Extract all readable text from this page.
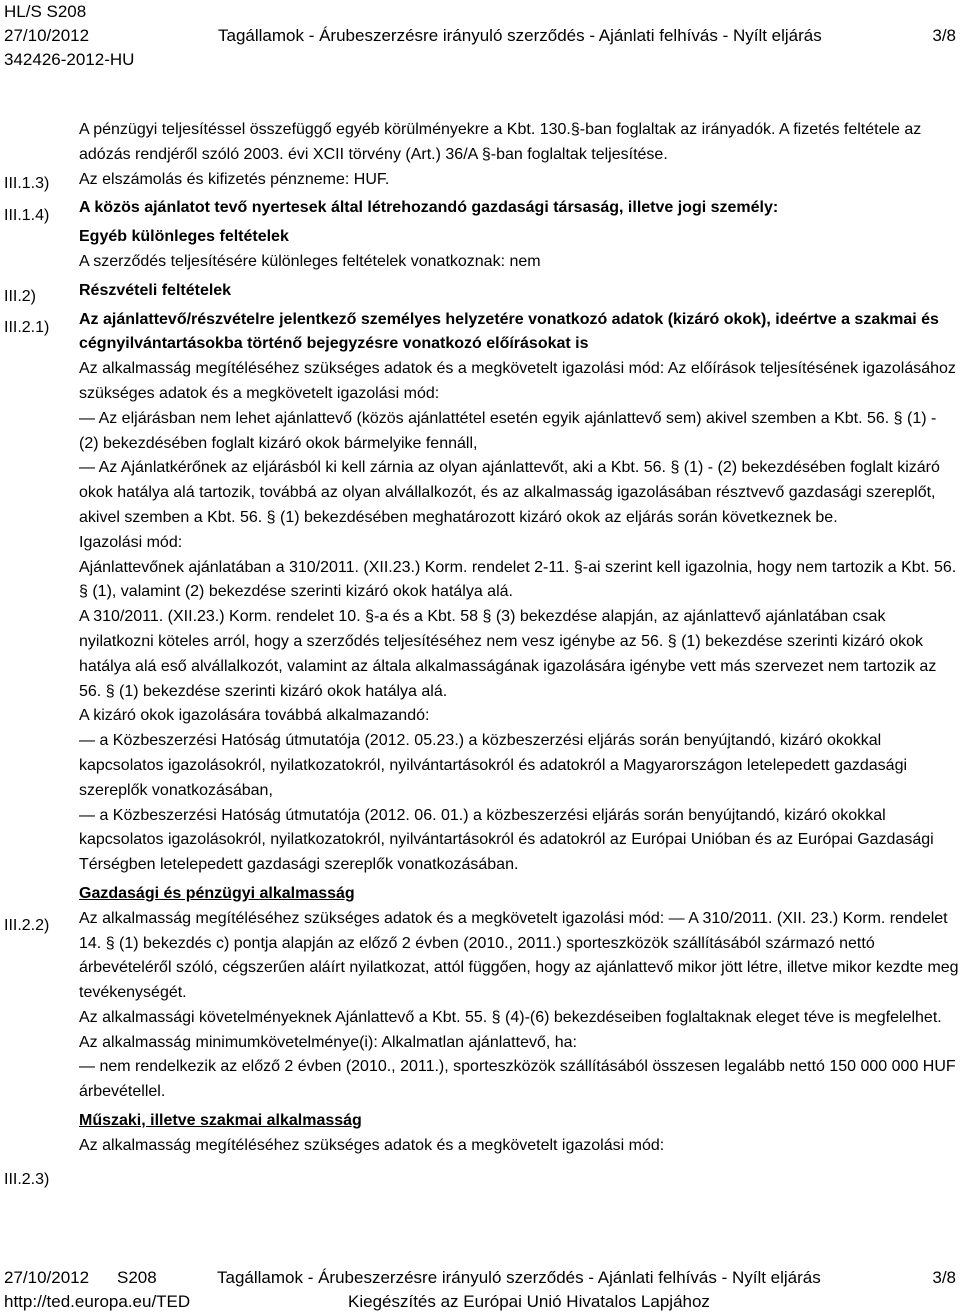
HL/S S208
27/10/2012	Tagállamok - Árubeszerzésre irányuló szerződés - Ajánlati felhívás - Nyílt eljárás	3/8
342426-2012-HU
III.1.3)
III.1.4)
III.2)
III.2.1)
III.2.2)
III.2.3)

A pénzügyi teljesítéssel összefüggő egyéb körülményekre a Kbt. 130.§-ban foglaltak az irányadók. A fizetés feltétele az adózás rendjéről szóló 2003. évi XCII törvény (Art.) 36/A §-ban foglaltak teljesítése.

Az elszámolás és kifizetés pénzneme: HUF.

A közös ajánlatot tevő nyertesek által létrehozandó gazdasági társaság, illetve jogi személy:

Egyéb különleges feltételek

A szerződés teljesítésére különleges feltételek vonatkoznak: nem

Részvételi feltételek

Az ajánlattevő/részvételre jelentkező személyes helyzetére vonatkozó adatok (kizáró okok), ideértve a szakmai és cégnyilvántartásokba történő bejegyzésre vonatkozó előírásokat is

Az alkalmasság megítéléséhez szükséges adatok és a megkövetelt igazolási mód: Az előírások teljesítésének igazolásához szükséges adatok és a megkövetelt igazolási mód:

— Az eljárásban nem lehet ajánlattevő (közös ajánlattétel esetén egyik ajánlattevő sem) akivel szemben a Kbt. 56. § (1) - (2) bekezdésében foglalt kizáró okok bármelyike fennáll,

— Az Ajánlatkérőnek az eljárásból ki kell zárnia az olyan ajánlattevőt, aki a Kbt. 56. § (1) - (2) bekezdésében foglalt kizáró okok hatálya alá tartozik, továbbá az olyan alvállalkozót, és az alkalmasság igazolásában résztvevő gazdasági szereplőt, akivel szemben a Kbt. 56. § (1) bekezdésében meghatározott kizáró okok az eljárás során következnek be.

Igazolási mód:

Ajánlattevőnek ajánlatában a 310/2011. (XII.23.) Korm. rendelet 2-11. §-ai szerint kell igazolnia, hogy nem tartozik a Kbt. 56. § (1), valamint (2) bekezdése szerinti kizáró okok hatálya alá.

A 310/2011. (XII.23.) Korm. rendelet 10. §-a és a Kbt. 58 § (3) bekezdése alapján, az ajánlattevő ajánlatában csak nyilatkozni köteles arról, hogy a szerződés teljesítéséhez nem vesz igénybe az 56. § (1) bekezdése szerinti kizáró okok hatálya alá eső alvállalkozót, valamint az általa alkalmasságának igazolására igénybe vett más szervezet nem tartozik az 56. § (1) bekezdése szerinti kizáró okok hatálya alá.

A kizáró okok igazolására továbbá alkalmazandó:

— a Közbeszerzési Hatóság útmutatója (2012. 05.23.) a közbeszerzési eljárás során benyújtandó, kizáró okokkal kapcsolatos igazolásokról, nyilatkozatokról, nyilvántartásokról és adatokról a Magyarországon letelepedett gazdasági szereplők vonatkozásában,

— a Közbeszerzési Hatóság útmutatója (2012. 06. 01.) a közbeszerzési eljárás során benyújtandó, kizáró okokkal kapcsolatos igazolásokról, nyilatkozatokról, nyilvántartásokról és adatokról az Európai Unióban és az Európai Gazdasági Térségben letelepedett gazdasági szereplők vonatkozásában.

Gazdasági és pénzügyi alkalmasság

Az alkalmasság megítéléséhez szükséges adatok és a megkövetelt igazolási mód: — A 310/2011. (XII. 23.) Korm. rendelet 14. § (1) bekezdés c) pontja alapján az előző 2 évben (2010., 2011.) sporteszközök szállításából származó nettó árbevételéről szóló, cégszerűen aláírt nyilatkozat, attól függően, hogy az ajánlattevő mikor jött létre, illetve mikor kezdte meg tevékenységét.

Az alkalmassági követelményeknek Ajánlattevő a Kbt. 55. § (4)-(6) bekezdéseiben foglaltaknak eleget téve is megfelelhet.

Az alkalmasság minimumkövetelménye(i): Alkalmatlan ajánlattevő, ha:

— nem rendelkezik az előző 2 évben (2010., 2011.), sporteszközök szállításából összesen legalább nettó 150 000 000 HUF árbevétellel.

Műszaki, illetve szakmai alkalmasság

Az alkalmasság megítéléséhez szükséges adatok és a megkövetelt igazolási mód:

27/10/2012	S208	Tagállamok - Árubeszerzésre irányuló szerződés - Ajánlati felhívás - Nyílt eljárás	3/8
http://ted.europa.eu/TED	Kiegészítés az Európai Unió Hivatalos Lapjához
